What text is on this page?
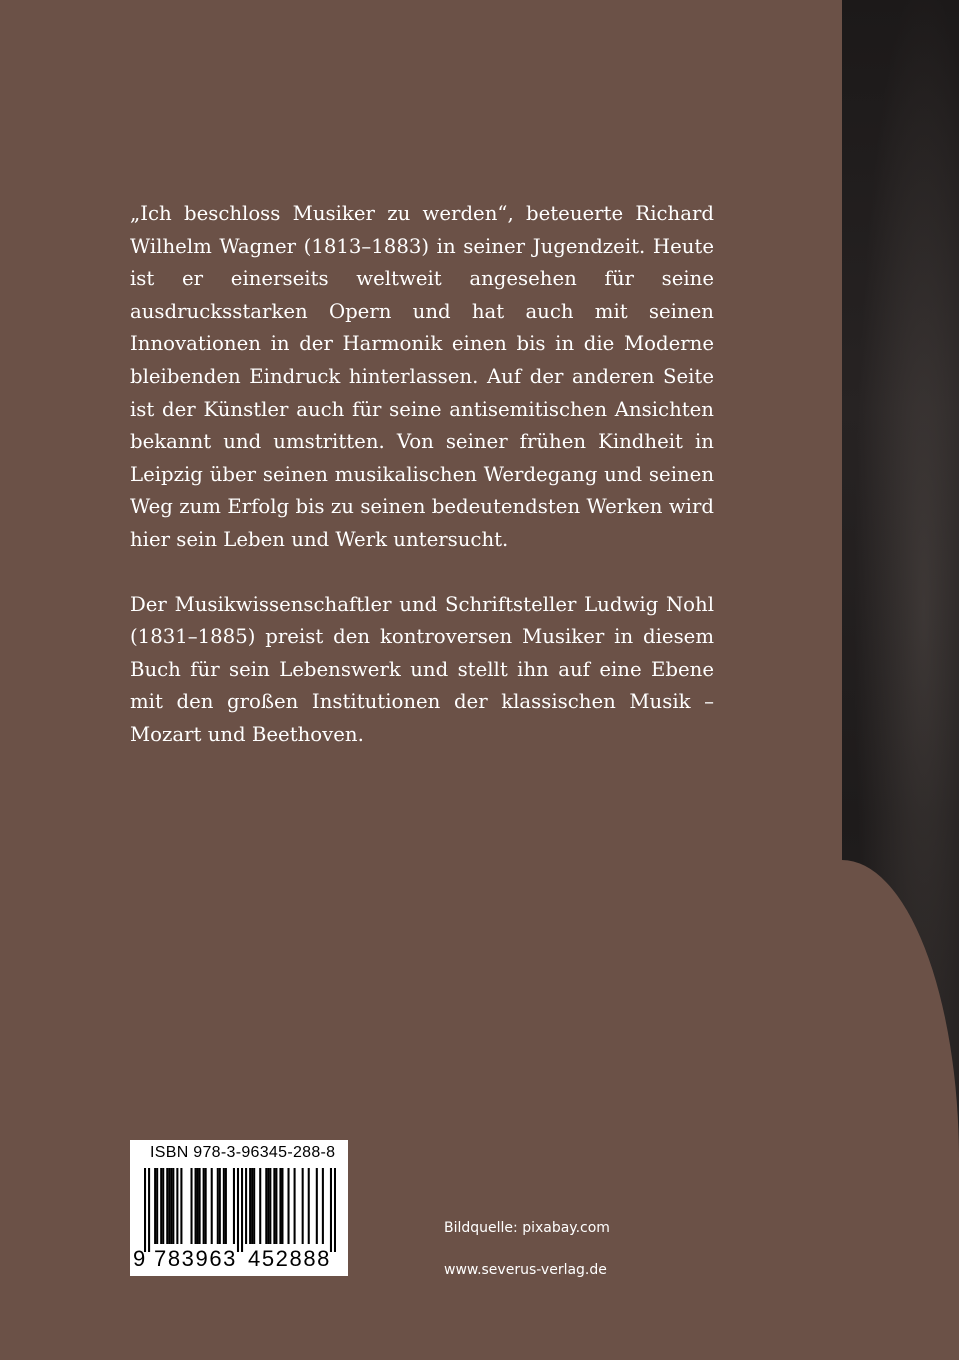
„Ich beschloss Musiker zu werden“, beteuerte Richard Wilhelm Wagner (1813–1883) in seiner Jugendzeit. Heute ist er einerseits weltweit angesehen für seine ausdrucksstarken Opern und hat auch mit seinen Innovationen in der Harmonik einen bis in die Moderne bleibenden Eindruck hinterlassen. Auf der anderen Seite ist der Künstler auch für seine antisemitischen Ansichten bekannt und umstritten. Von seiner frühen Kindheit in Leipzig über seinen musikalischen Werdegang und seinen Weg zum Erfolg bis zu seinen bedeutendsten Werken wird hier sein Leben und Werk untersucht.

Der Musikwissenschaftler und Schriftsteller Ludwig Nohl (1831–1885) preist den kontroversen Musiker in diesem Buch für sein Lebenswerk und stellt ihn auf eine Ebene mit den großen Institutionen der klassischen Musik – Mozart und Beethoven.

ISBN 978-3-96345-288-8
9 783963 452888
Bildquelle: pixabay.com
www.severus-verlag.de
